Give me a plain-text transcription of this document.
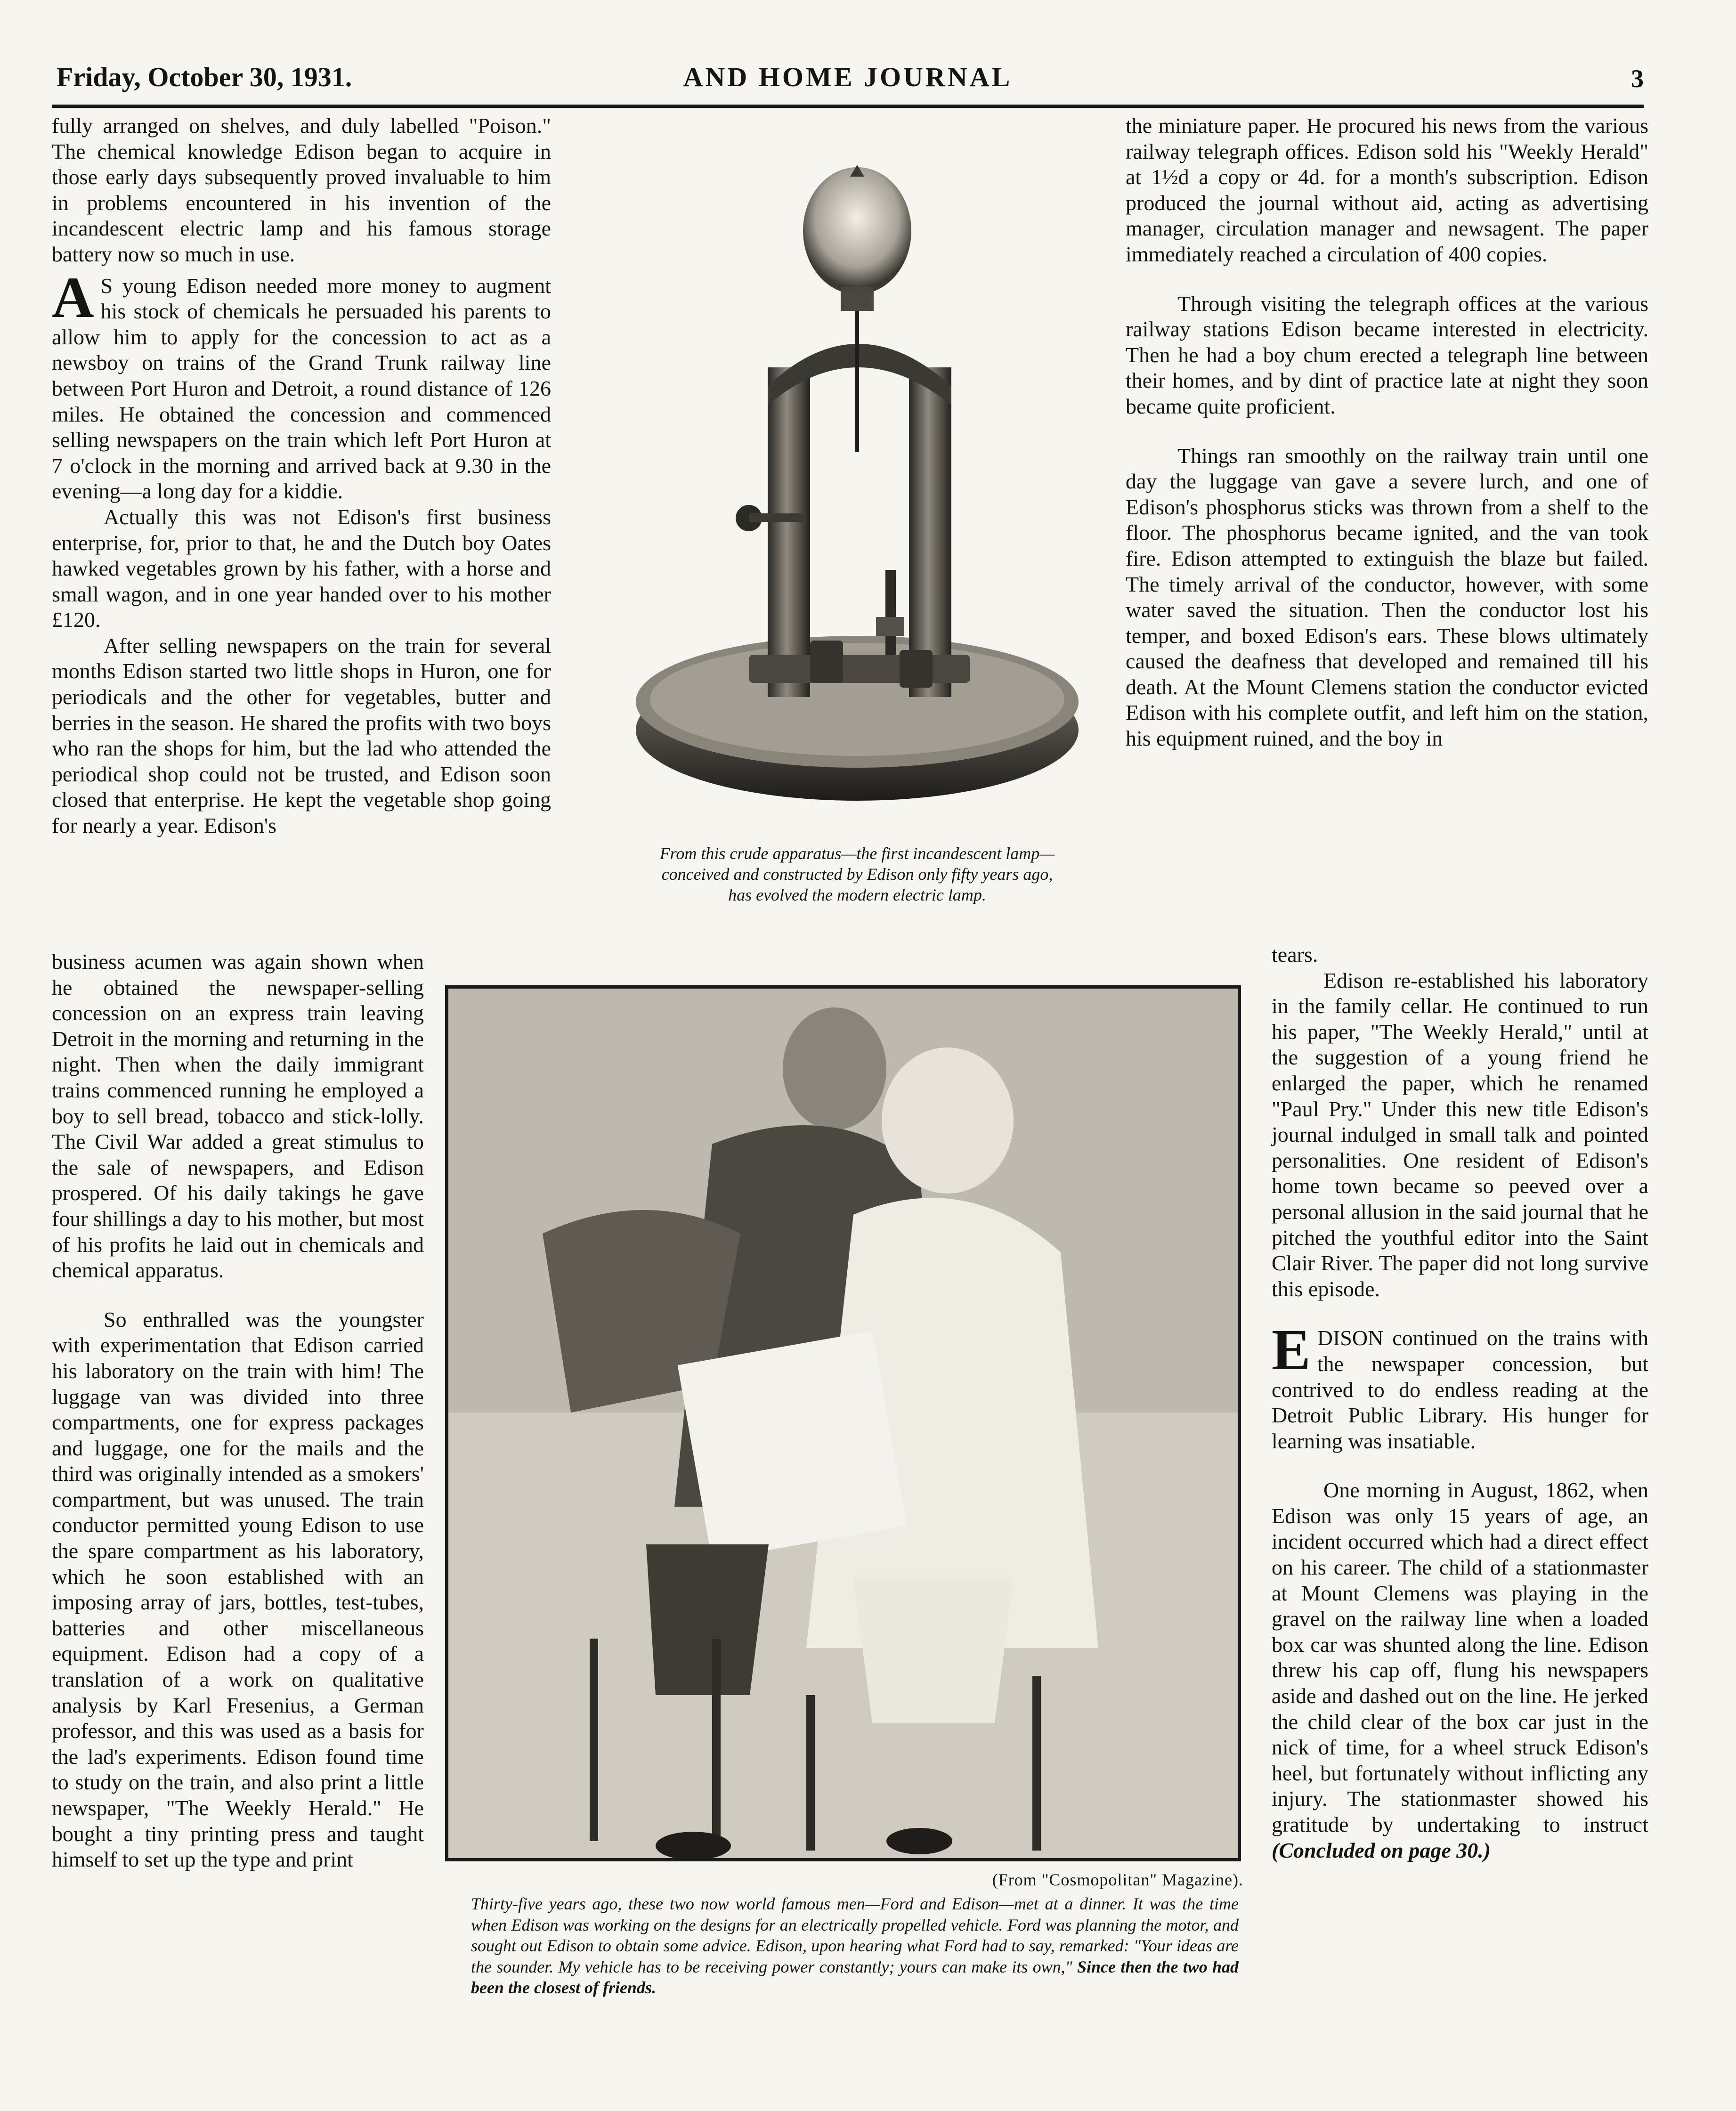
Friday, October 30, 1931.	AND HOME JOURNAL	3

fully arranged on shelves, and duly labelled "Poison." The chemical knowledge Edison began to acquire in those early days subsequently proved invaluable to him in problems encountered in his invention of the incandescent electric lamp and his famous storage battery now so much in use.

A S young Edison needed more money to augment his stock of chemicals he persuaded his parents to allow him to apply for the concession to act as a newsboy on trains of the Grand Trunk railway line between Port Huron and Detroit, a round distance of 126 miles. He obtained the concession and commenced selling newspapers on the train which left Port Huron at 7 o'clock in the morning and arrived back at 9.30 in the evening—a long day for a kiddie.

Actually this was not Edison's first business enterprise, for, prior to that, he and the Dutch boy Oates hawked vegetables grown by his father, with a horse and small wagon, and in one year handed over to his mother £120.

After selling newspapers on the train for several months Edison started two little shops in Huron, one for periodicals and the other for vegetables, butter and berries in the season. He shared the profits with two boys who ran the shops for him, but the lad who attended the periodical shop could not be trusted, and Edison soon closed that enterprise. He kept the vegetable shop going for nearly a year. Edison's

business acumen was again shown when he obtained the newspaper-selling concession on an express train leaving Detroit in the morning and returning in the night. Then when the daily immigrant trains commenced running he employed a boy to sell bread, tobacco and stick-lolly. The Civil War added a great stimulus to the sale of newspapers, and Edison prospered. Of his daily takings he gave four shillings a day to his mother, but most of his profits he laid out in chemicals and chemical apparatus.

So enthralled was the youngster with experimentation that Edison carried his laboratory on the train with him! The luggage van was divided into three compartments, one for express packages and luggage, one for the mails and the third was originally intended as a smokers' compartment, but was unused. The train conductor permitted young Edison to use the spare compartment as his laboratory, which he soon established with an imposing array of jars, bottles, test-tubes, batteries and other miscellaneous equipment. Edison had a copy of a translation of a work on qualitative analysis by Karl Fresenius, a German professor, and this was used as a basis for the lad's experiments. Edison found time to study on the train, and also print a little newspaper, "The Weekly Herald." He bought a tiny printing press and taught himself to set up the type and print

From this crude apparatus—the first incandescent lamp—conceived and constructed by Edison only fifty years ago, has evolved the modern electric lamp.

the miniature paper. He procured his news from the various railway telegraph offices. Edison sold his "Weekly Herald" at 1½d a copy or 4d. for a month's subscription. Edison produced the journal without aid, acting as advertising manager, circulation manager and newsagent. The paper immediately reached a circulation of 400 copies.

Through visiting the telegraph offices at the various railway stations Edison became interested in electricity. Then he had a boy chum erected a telegraph line between their homes, and by dint of practice late at night they soon became quite proficient.

Things ran smoothly on the railway train until one day the luggage van gave a severe lurch, and one of Edison's phosphorus sticks was thrown from a shelf to the floor. The phosphorus became ignited, and the van took fire. Edison attempted to extinguish the blaze but failed. The timely arrival of the conductor, however, with some water saved the situation. Then the conductor lost his temper, and boxed Edison's ears. These blows ultimately caused the deafness that developed and remained till his death. At the Mount Clemens station the conductor evicted Edison with his complete outfit, and left him on the station, his equipment ruined, and the boy in

tears.

Edison re-established his laboratory in the family cellar. He continued to run his paper, "The Weekly Herald," until at the suggestion of a young friend he enlarged the paper, which he renamed "Paul Pry." Under this new title Edison's journal indulged in small talk and pointed personalities. One resident of Edison's home town became so peeved over a personal allusion in the said journal that he pitched the youthful editor into the Saint Clair River. The paper did not long survive this episode.

E DISON continued on the trains with the newspaper concession, but contrived to do endless reading at the Detroit Public Library. His hunger for learning was insatiable.

One morning in August, 1862, when Edison was only 15 years of age, an incident occurred which had a direct effect on his career. The child of a stationmaster at Mount Clemens was playing in the gravel on the railway line when a loaded box car was shunted along the line. Edison threw his cap off, flung his newspapers aside and dashed out on the line. He jerked the child clear of the box car just in the nick of time, for a wheel struck Edison's heel, but fortunately without inflicting any injury. The stationmaster showed his gratitude by undertaking to instruct (Concluded on page 30.)

(From "Cosmopolitan" Magazine).
Thirty-five years ago, these two now world famous men—Ford and Edison—met at a dinner. It was the time when Edison was working on the designs for an electrically propelled vehicle. Ford was planning the motor, and sought out Edison to obtain some advice. Edison, upon hearing what Ford had to say, remarked: "Your ideas are the sounder. My vehicle has to be receiving power constantly; yours can make its own," Since then the two had been the closest of friends.
